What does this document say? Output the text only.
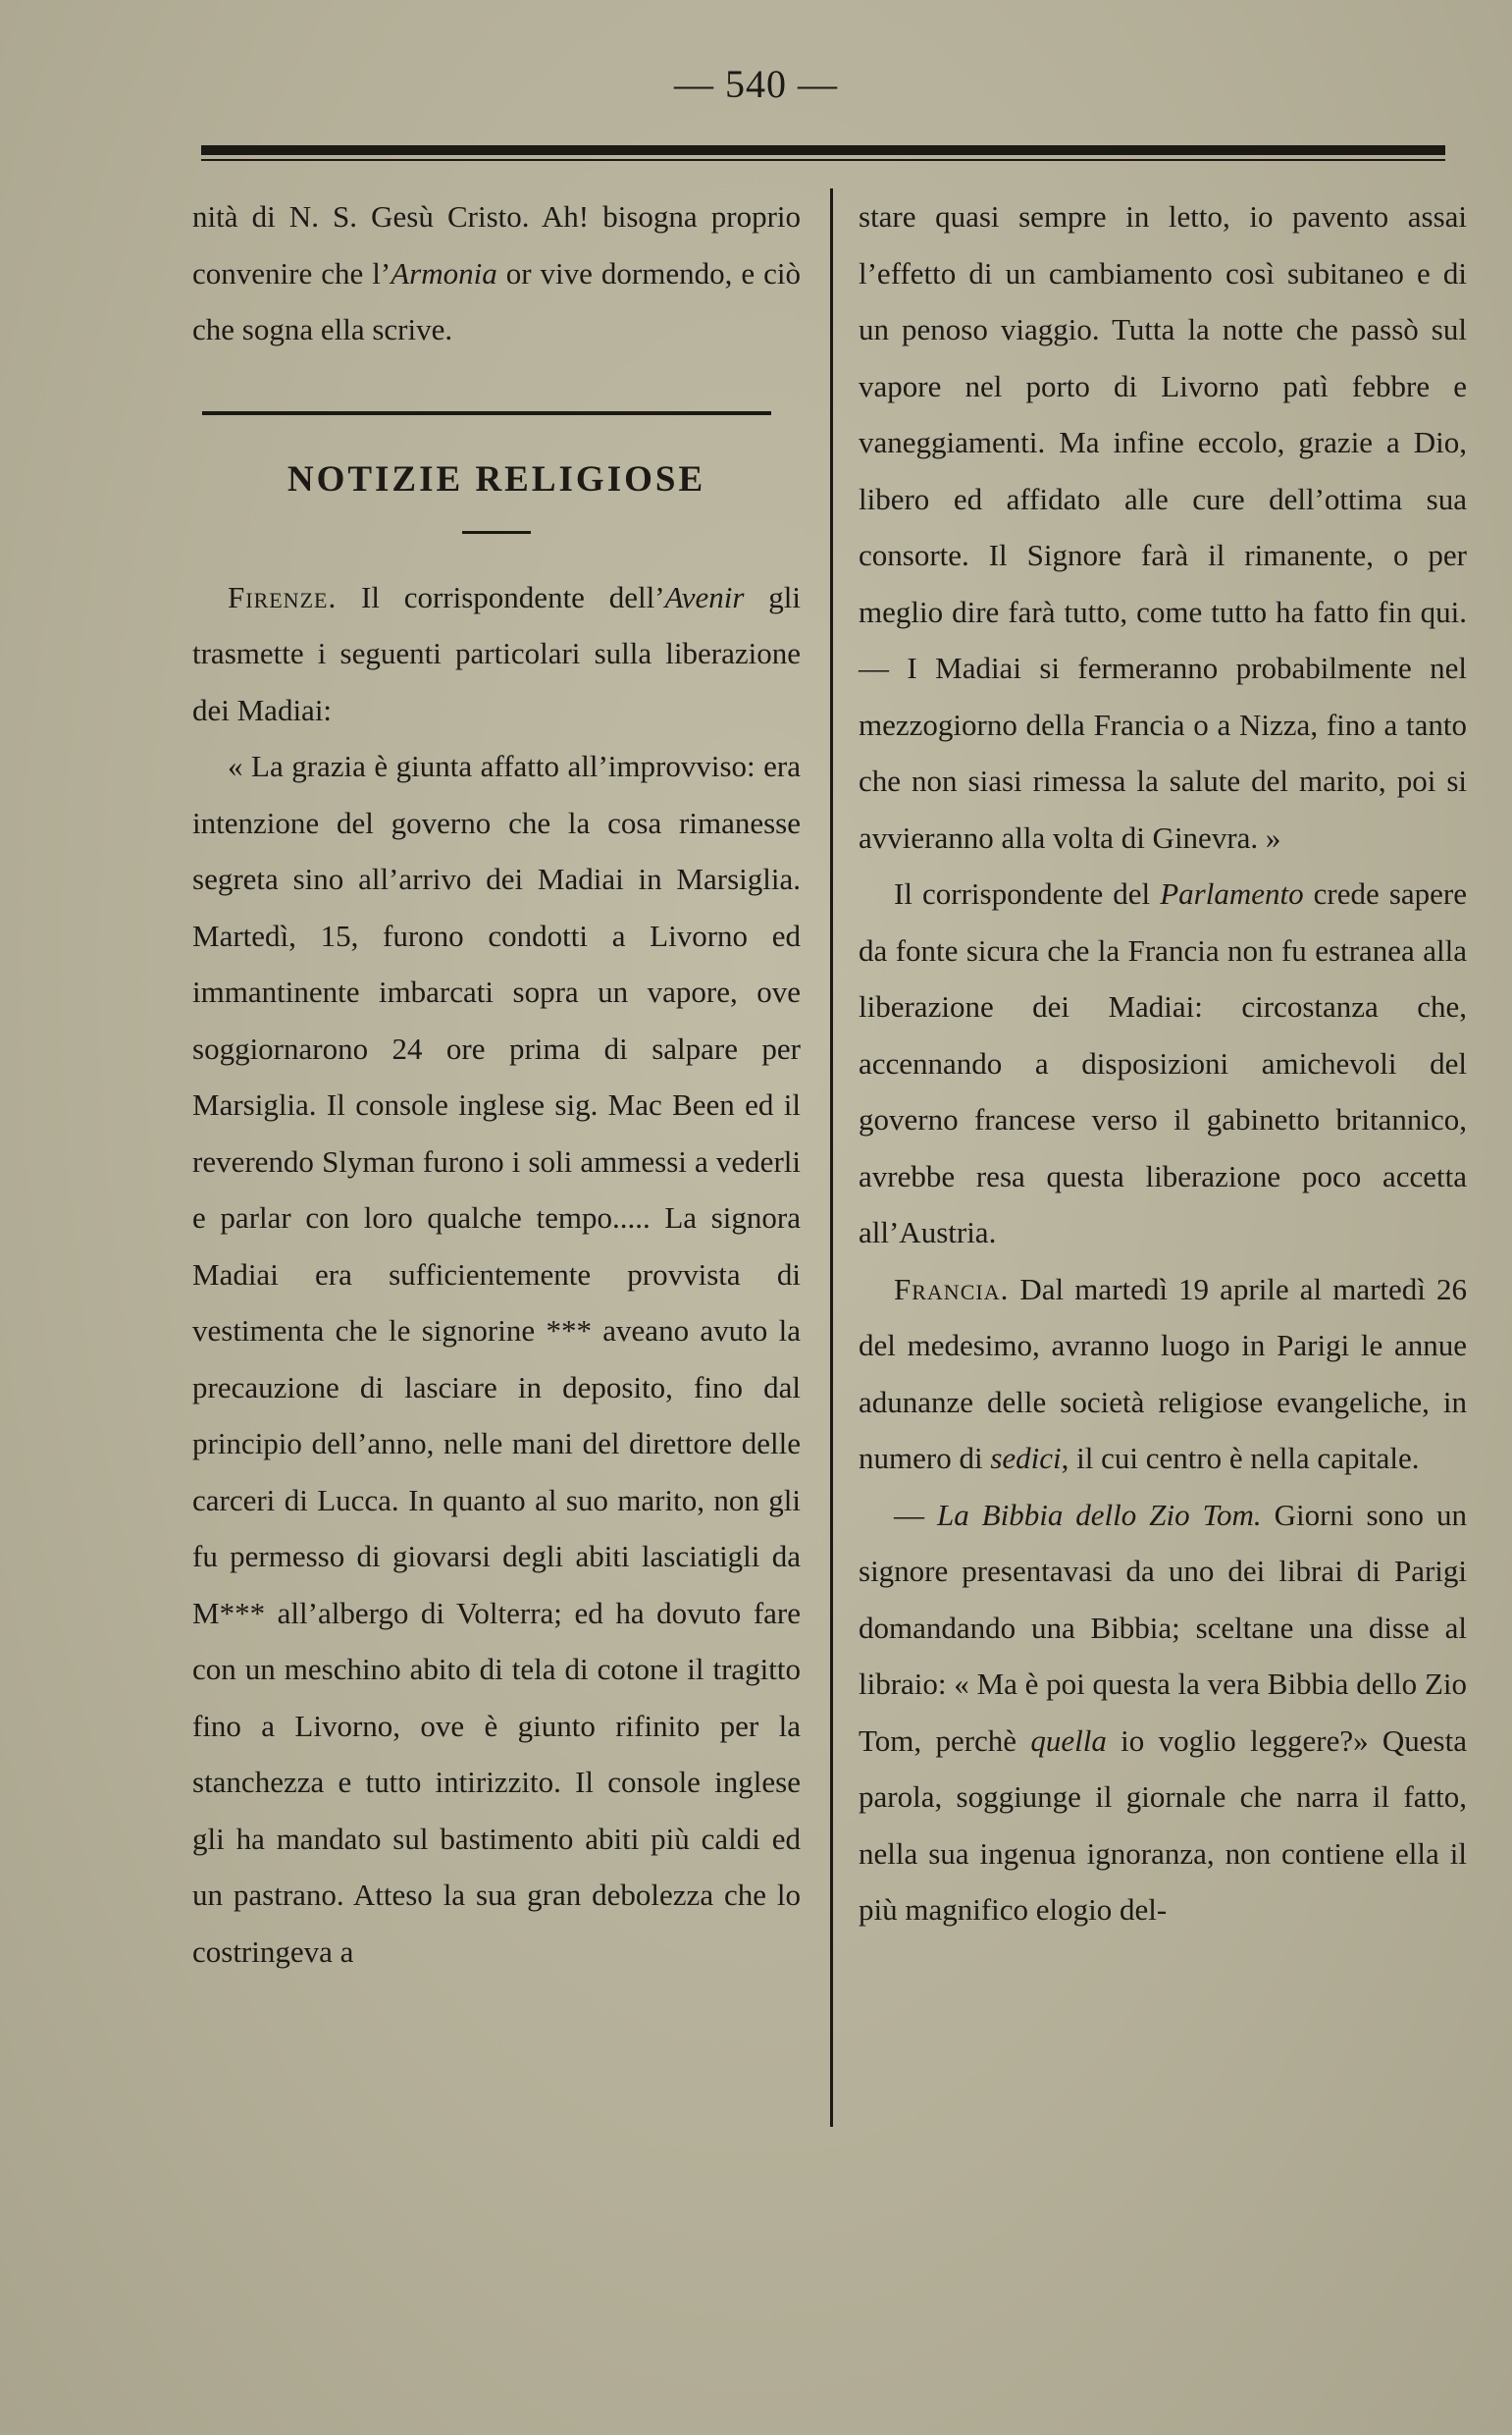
— 540 —

nità di N. S. Gesù Cristo. Ah! bisogna proprio convenire che l’Armonia or vive dormendo, e ciò che sogna ella scrive.

NOTIZIE RELIGIOSE

Firenze. Il corrispondente dell’Avenir gli trasmette i seguenti particolari sulla liberazione dei Madiai:

« La grazia è giunta affatto all’improvviso: era intenzione del governo che la cosa rimanesse segreta sino all’arrivo dei Madiai in Marsiglia. Martedì, 15, furono condotti a Livorno ed immantinente imbarcati sopra un vapore, ove soggiornarono 24 ore prima di salpare per Marsiglia. Il console inglese sig. Mac Been ed il reverendo Slyman furono i soli ammessi a vederli e parlar con loro qualche tempo..... La signora Madiai era sufficientemente provvista di vestimenta che le signorine *** aveano avuto la precauzione di lasciare in deposito, fino dal principio dell’anno, nelle mani del direttore delle carceri di Lucca. In quanto al suo marito, non gli fu permesso di giovarsi degli abiti lasciatigli da M*** all’albergo di Volterra; ed ha dovuto fare con un meschino abito di tela di cotone il tragitto fino a Livorno, ove è giunto rifinito per la stanchezza e tutto intirizzito. Il console inglese gli ha mandato sul bastimento abiti più caldi ed un pastrano. Atteso la sua gran debolezza che lo costringeva a

stare quasi sempre in letto, io pavento assai l’effetto di un cambiamento così subitaneo e di un penoso viaggio. Tutta la notte che passò sul vapore nel porto di Livorno patì febbre e vaneggiamenti. Ma infine eccolo, grazie a Dio, libero ed affidato alle cure dell’ottima sua consorte. Il Signore farà il rimanente, o per meglio dire farà tutto, come tutto ha fatto fin qui. — I Madiai si fermeranno probabilmente nel mezzogiorno della Francia o a Nizza, fino a tanto che non siasi rimessa la salute del marito, poi si avvieranno alla volta di Ginevra. »

Il corrispondente del Parlamento crede sapere da fonte sicura che la Francia non fu estranea alla liberazione dei Madiai: circostanza che, accennando a disposizioni amichevoli del governo francese verso il gabinetto britannico, avrebbe resa questa liberazione poco accetta all’Austria.

Francia. Dal martedì 19 aprile al martedì 26 del medesimo, avranno luogo in Parigi le annue adunanze delle società religiose evangeliche, in numero di sedici, il cui centro è nella capitale.

— La Bibbia dello Zio Tom. Giorni sono un signore presentavasi da uno dei librai di Parigi domandando una Bibbia; sceltane una disse al libraio: « Ma è poi questa la vera Bibbia dello Zio Tom, perchè quella io voglio leggere?» Questa parola, soggiunge il giornale che narra il fatto, nella sua ingenua ignoranza, non contiene ella il più magnifico elogio del-
